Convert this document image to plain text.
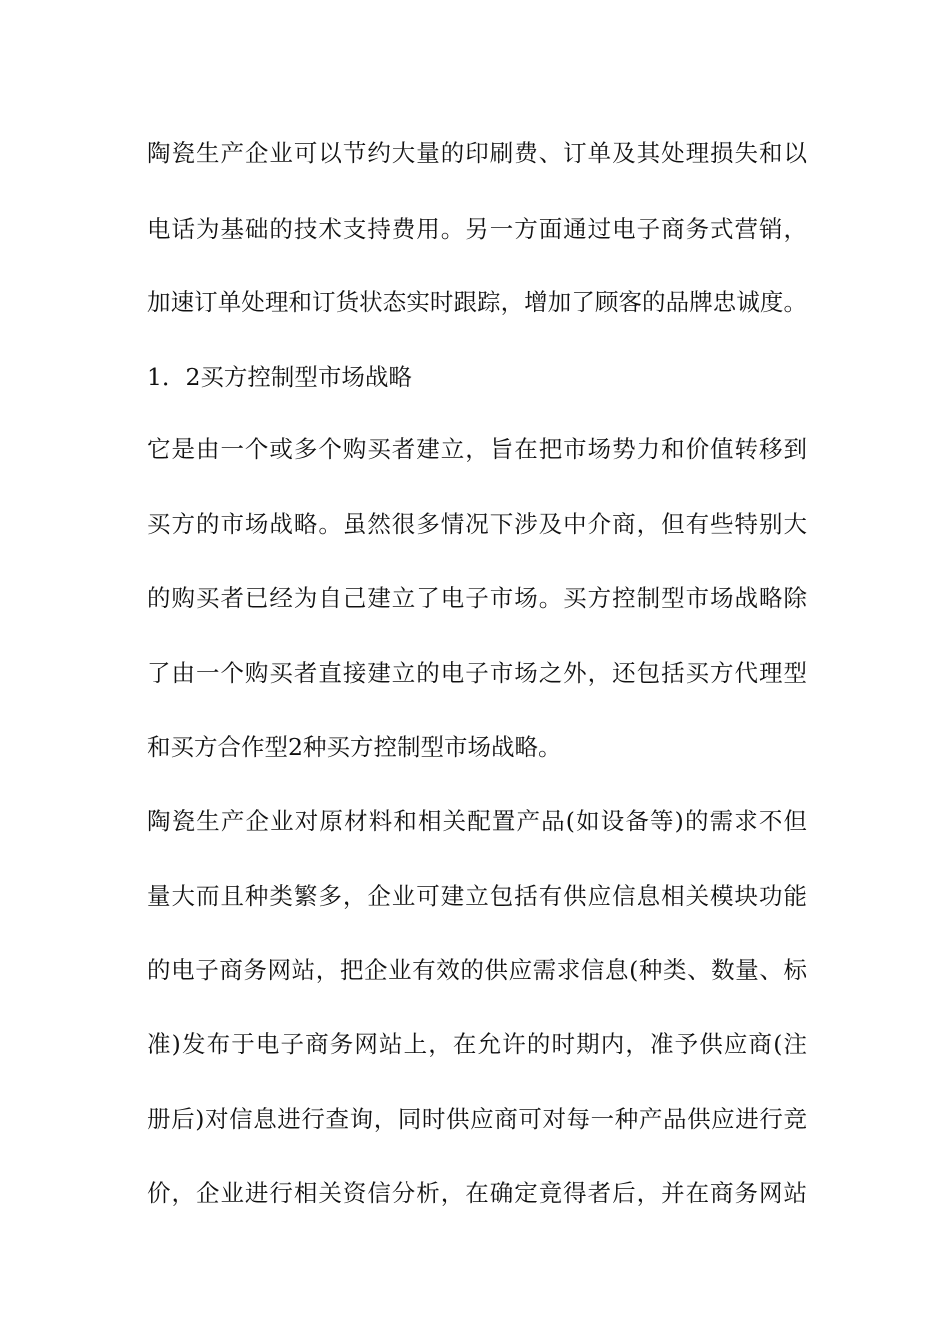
陶瓷生产企业可以节约大量的印刷费、订单及其处理损失和以
电话为基础的技术支持费用。另一方面通过电子商务式营销，
加速订单处理和订货状态实时跟踪，增加了顾客的品牌忠诚度。
1．2买方控制型市场战略
它是由一个或多个购买者建立，旨在把市场势力和价值转移到
买方的市场战略。虽然很多情况下涉及中介商，但有些特别大
的购买者已经为自己建立了电子市场。买方控制型市场战略除
了由一个购买者直接建立的电子市场之外，还包括买方代理型
和买方合作型2种买方控制型市场战略。
陶瓷生产企业对原材料和相关配置产品(如设备等)的需求不但
量大而且种类繁多，企业可建立包括有供应信息相关模块功能
的电子商务网站，把企业有效的供应需求信息(种类、数量、标
准)发布于电子商务网站上，在允许的时期内，准予供应商(注
册后)对信息进行查询，同时供应商可对每一种产品供应进行竞
价，企业进行相关资信分析，在确定竟得者后，并在商务网站
